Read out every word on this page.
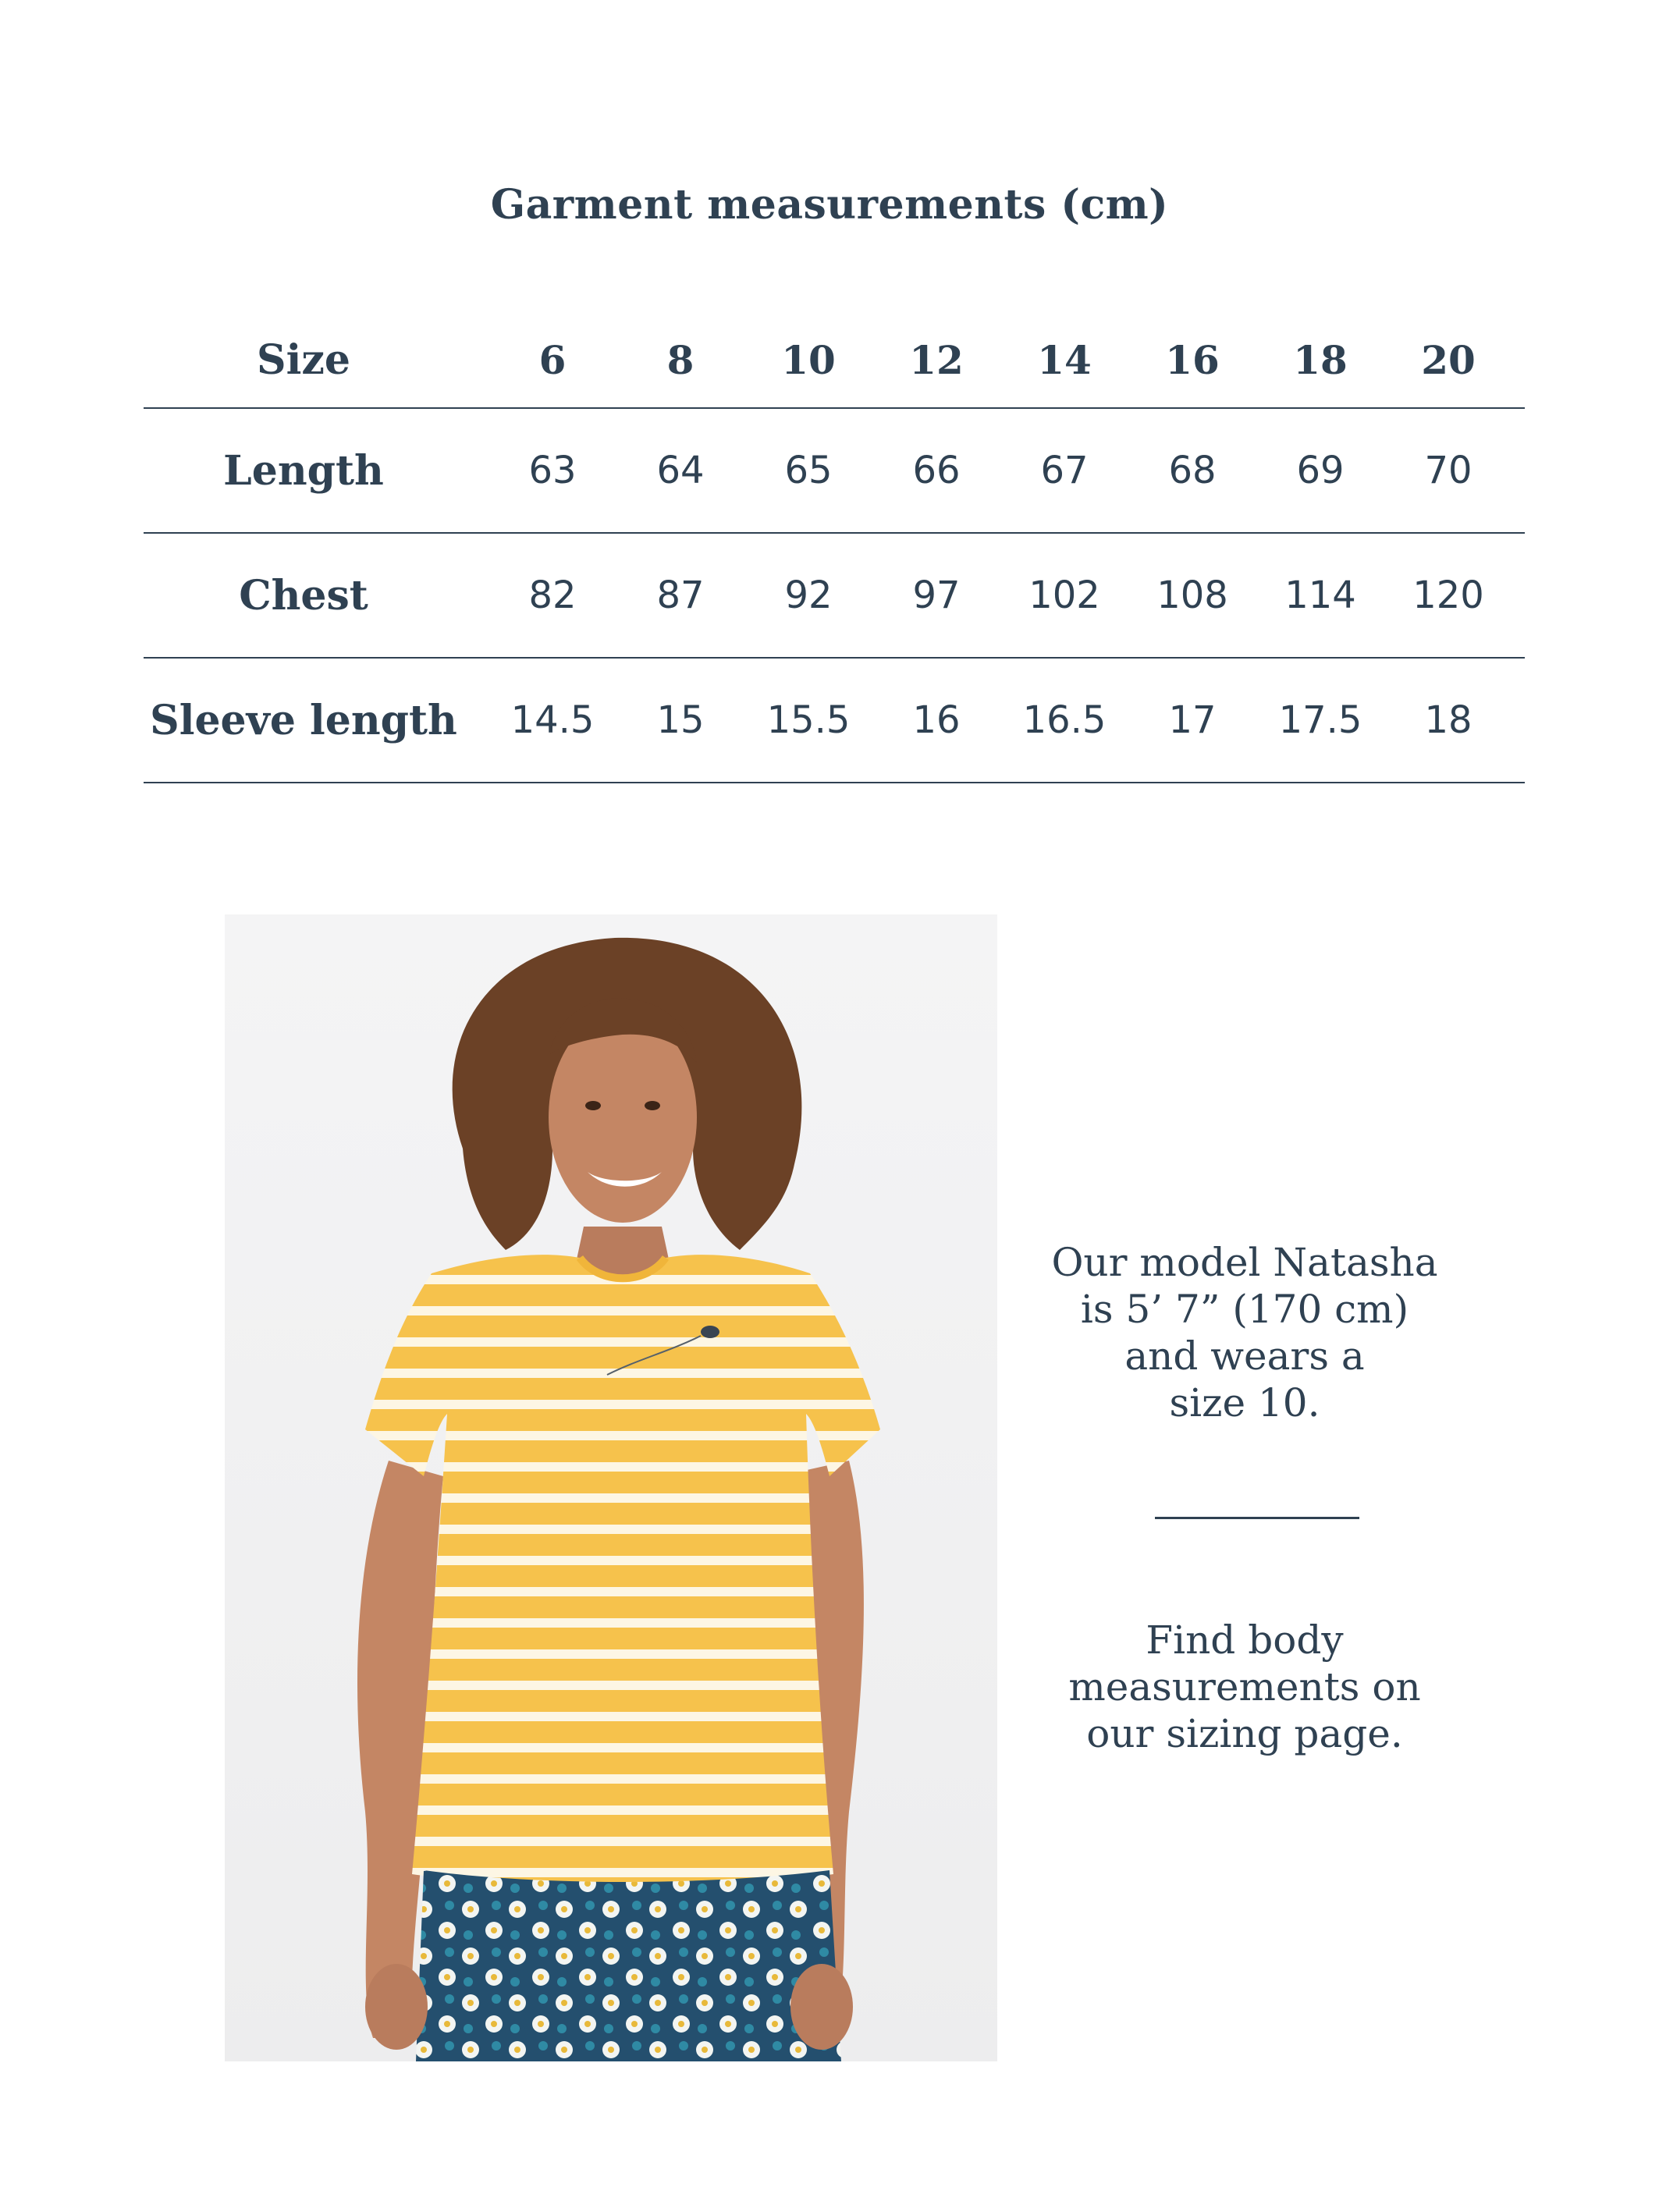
Garment measurements (cm)
Size	6	8	10	12	14	16	18	20
Length	63	64	65	66	67	68	69	70
Chest	82	87	92	97	102	108	114	120
Sleeve length	14.5	15	15.5	16	16.5	17	17.5	18
Our model Natasha
is 5’ 7” (170 cm)
and wears a
size 10.
Find body
measurements on
our sizing page.
